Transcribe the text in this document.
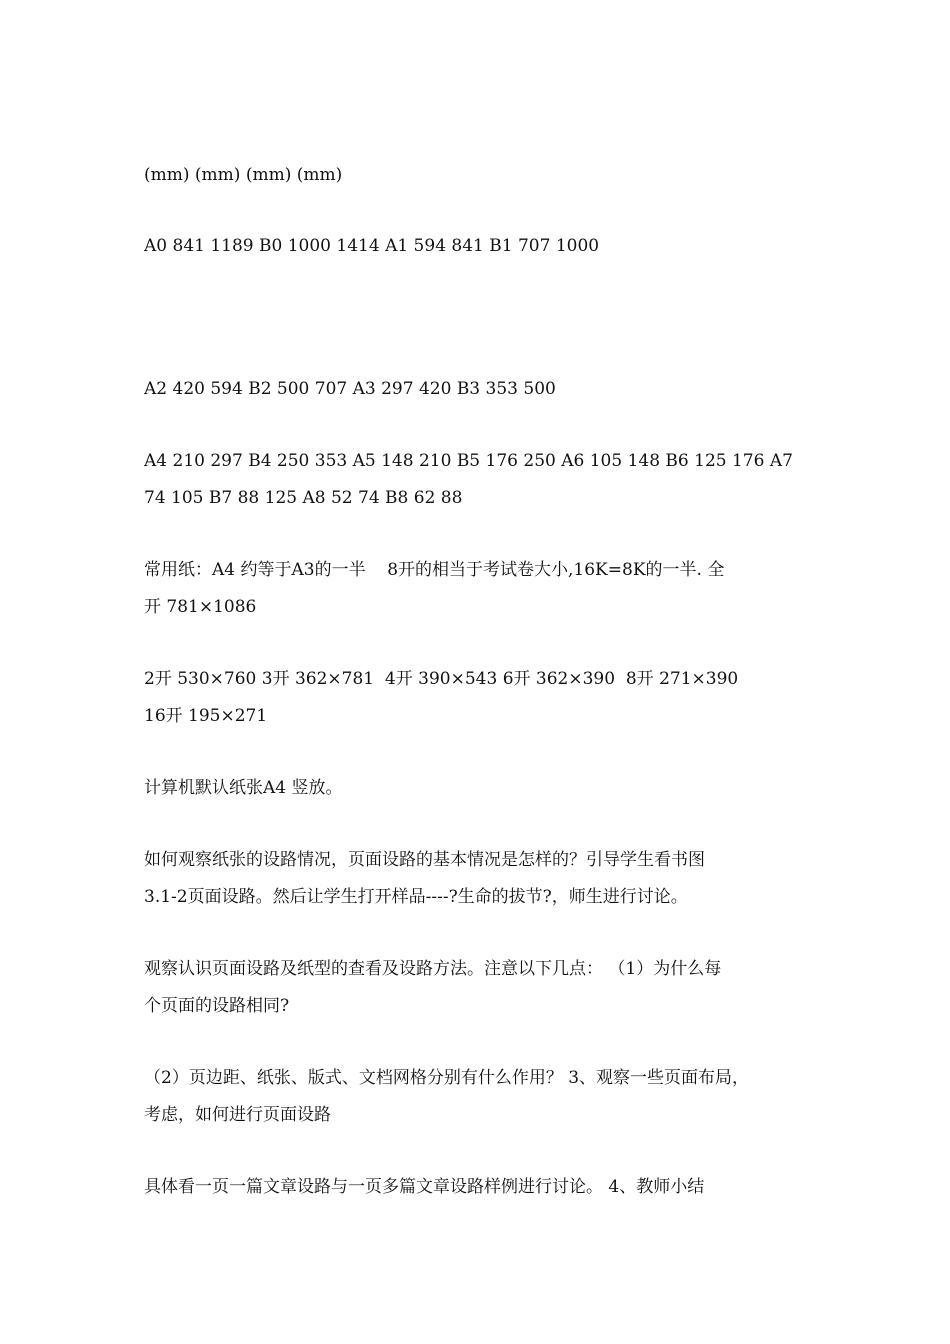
(mm) (mm) (mm) (mm)

A0 841 1189 B0 1000 1414 A1 594 841 B1 707 1000

A2 420 594 B2 500 707 A3 297 420 B3 353 500

A4 210 297 B4 250 353 A5 148 210 B5 176 250 A6 105 148 B6 125 176 A7

74 105 B7 88 125 A8 52 74 B8 62 88

常用纸：A4 约等于A3的一半    8开的相当于考试卷大小,16K=8K的一半. 全

开 781×1086

2开 530×760 3开 362×781  4开 390×543 6开 362×390  8开 271×390

16开 195×271

计算机默认纸张A4 竖放。

如何观察纸张的设路情况，页面设路的基本情况是怎样的？引导学生看书图

3.1-2页面设路。然后让学生打开样品----?生命的拔节?，师生进行讨论。

观察认识页面设路及纸型的查看及设路方法。注意以下几点： （1）为什么每

个页面的设路相同?

（2）页边距、纸张、版式、文档网格分别有什么作用？ 3、观察一些页面布局，

考虑，如何进行页面设路

具体看一页一篇文章设路与一页多篇文章设路样例进行讨论。 4、教师小结
